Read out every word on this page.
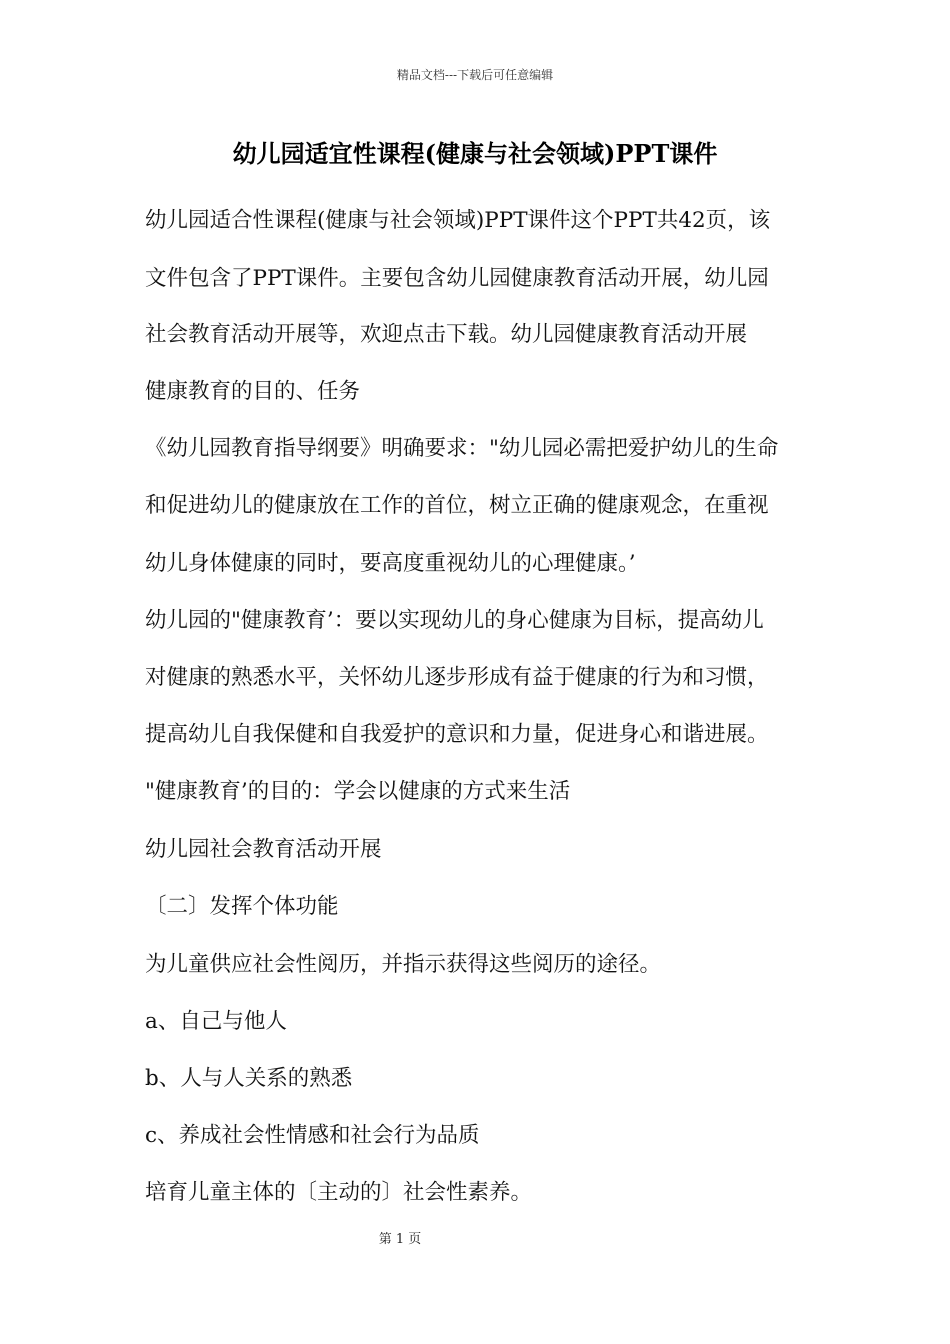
精品文档---下载后可任意编辑
幼儿园适宜性课程(健康与社会领域)PPT课件
幼儿园适合性课程(健康与社会领域)PPT课件这个PPT共42页，该
文件包含了PPT课件。主要包含幼儿园健康教育活动开展，幼儿园
社会教育活动开展等，欢迎点击下载。幼儿园健康教育活动开展
健康教育的目的、任务
《幼儿园教育指导纲要》明确要求："幼儿园必需把爱护幼儿的生命
和促进幼儿的健康放在工作的首位，树立正确的健康观念，在重视
幼儿身体健康的同时，要高度重视幼儿的心理健康。’
幼儿园的"健康教育’：要以实现幼儿的身心健康为目标，提高幼儿
对健康的熟悉水平，关怀幼儿逐步形成有益于健康的行为和习惯，
提高幼儿自我保健和自我爱护的意识和力量，促进身心和谐进展。
"健康教育’的目的：学会以健康的方式来生活
幼儿园社会教育活动开展
〔二〕发挥个体功能
为儿童供应社会性阅历，并指示获得这些阅历的途径。
a、自己与他人
b、人与人关系的熟悉
c、养成社会性情感和社会行为品质
培育儿童主体的〔主动的〕社会性素养。
第 1 页
